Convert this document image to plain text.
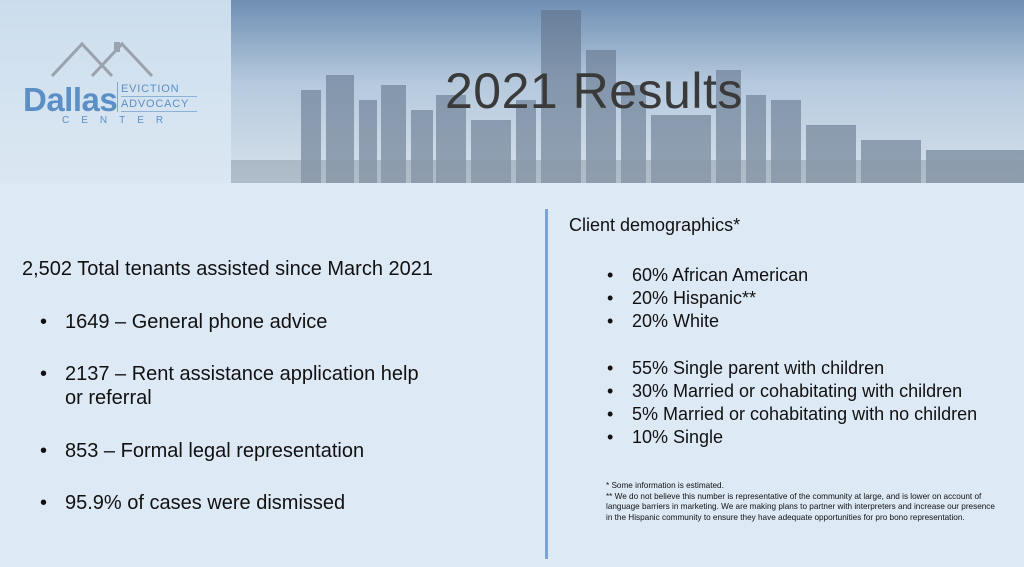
Dallas EVICTION
ADVOCACY
CENTER
2021 Results

2,502 Total tenants assisted since March 2021

• 1649 – General phone advice
• 2137 – Rent assistance application help
or referral
• 853 – Formal legal representation
• 95.9% of cases were dismissed
Client demographics*
• 60% African American
• 20% Hispanic**
• 20% White
• 55% Single parent with children
• 30% Married or cohabitating with children
• 5% Married or cohabitating with no children
• 10% Single
* Some information is estimated.
** We do not believe this number is representative of the community at large, and is lower on account of language barriers in marketing. We are making plans to partner with interpreters and increase our presence in the Hispanic community to ensure they have adequate opportunities for pro bono representation.
